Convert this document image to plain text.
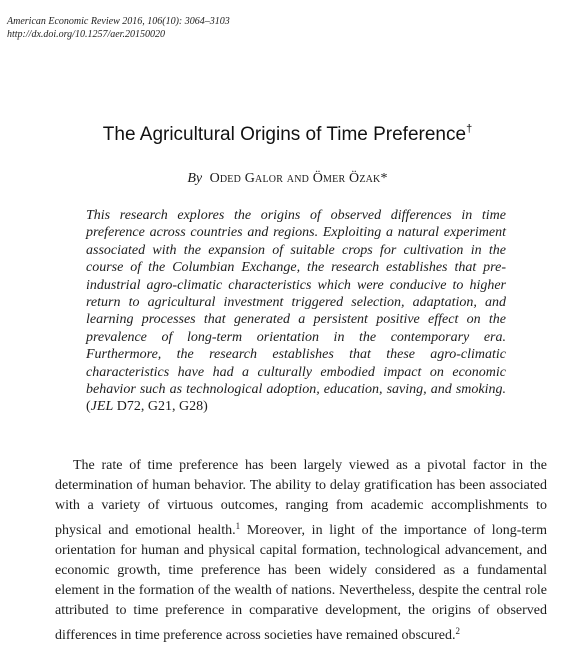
American Economic Review 2016, 106(10): 3064–3103
http://dx.doi.org/10.1257/aer.20150020
The Agricultural Origins of Time Preference†
By Oded Galor and Ömer Özak*
This research explores the origins of observed differences in time preference across countries and regions. Exploiting a natural experiment associated with the expansion of suitable crops for cultivation in the course of the Columbian Exchange, the research establishes that pre-industrial agro-climatic characteristics which were conducive to higher return to agricultural investment triggered selection, adaptation, and learning processes that generated a persistent positive effect on the prevalence of long-term orientation in the contemporary era. Furthermore, the research establishes that these agro-climatic characteristics have had a culturally embodied impact on economic behavior such as technological adoption, education, saving, and smoking. (JEL D72, G21, G28)
The rate of time preference has been largely viewed as a pivotal factor in the determination of human behavior. The ability to delay gratification has been associated with a variety of virtuous outcomes, ranging from academic accomplishments to physical and emotional health.$^1$ Moreover, in light of the importance of long-term orientation for human and physical capital formation, technological advancement, and economic growth, time preference has been widely considered as a fundamental element in the formation of the wealth of nations. Nevertheless, despite the central role attributed to time preference in comparative development, the origins of observed differences in time preference across societies have remained obscured.$^2$
